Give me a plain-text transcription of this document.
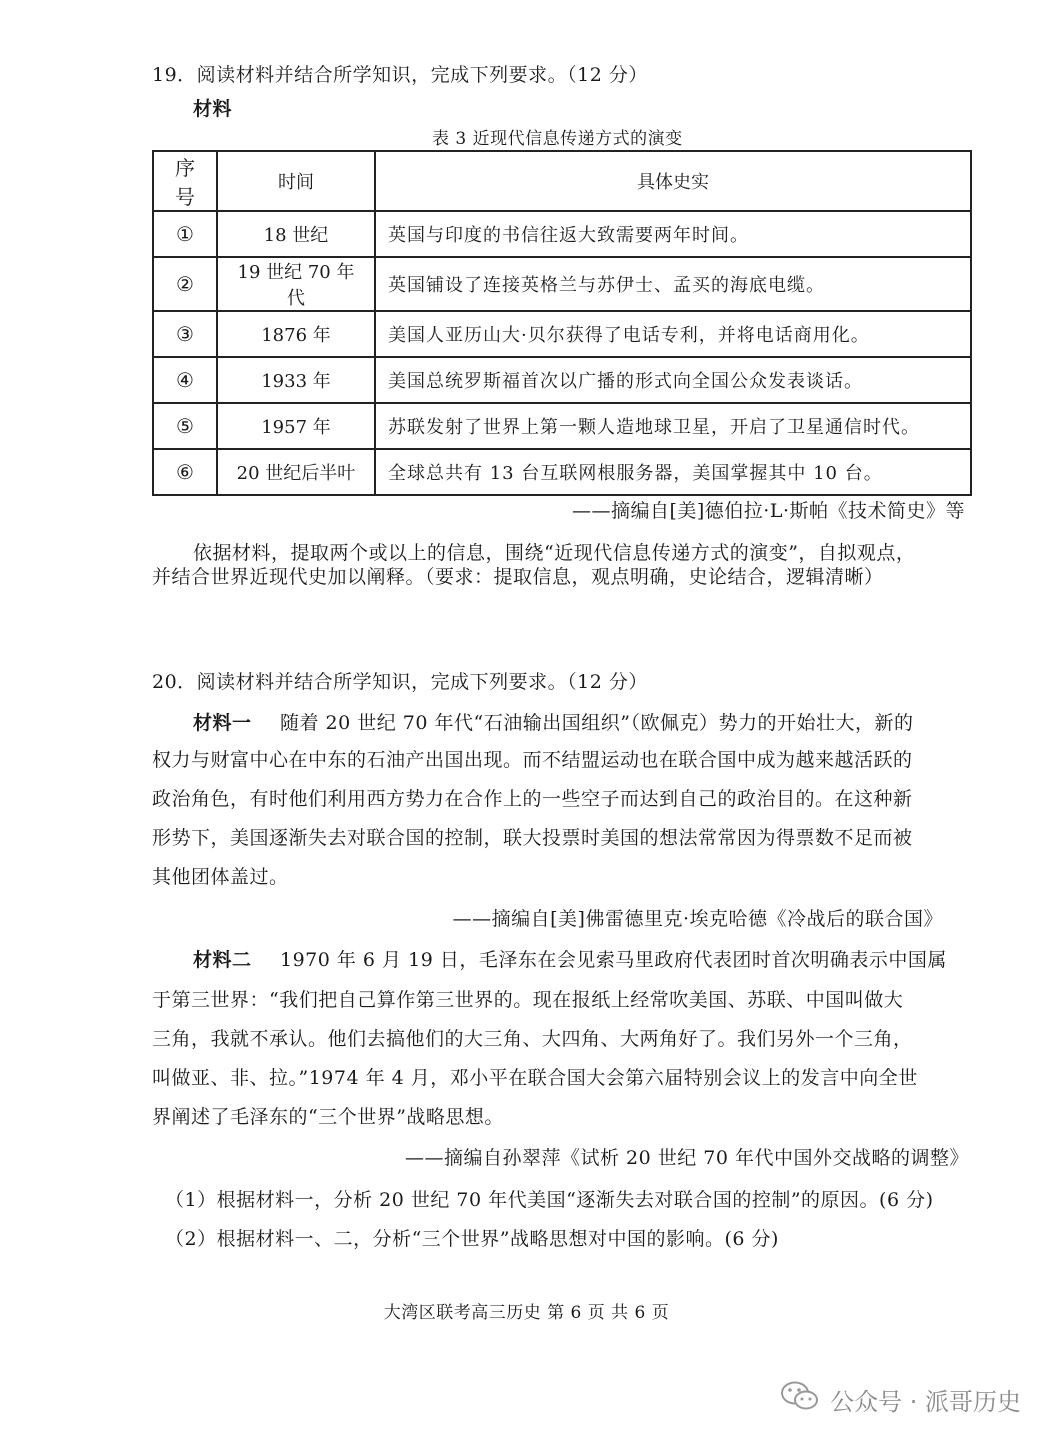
19．阅读材料并结合所学知识，完成下列要求。（12 分）
材料
表 3 近现代信息传递方式的演变
序号	时间	具体史实
①	18 世纪	英国与印度的书信往返大致需要两年时间。
②	19 世纪 70 年代	英国铺设了连接英格兰与苏伊士、孟买的海底电缆。
③	1876 年	美国人亚历山大·贝尔获得了电话专利，并将电话商用化。
④	1933 年	美国总统罗斯福首次以广播的形式向全国公众发表谈话。
⑤	1957 年	苏联发射了世界上第一颗人造地球卫星，开启了卫星通信时代。
⑥	20 世纪后半叶	全球总共有 13 台互联网根服务器，美国掌握其中 10 台。
——摘编自[美]德伯拉·L·斯帕《技术简史》等
依据材料，提取两个或以上的信息，围绕“近现代信息传递方式的演变”，自拟观点，
并结合世界近现代史加以阐释。（要求：提取信息，观点明确，史论结合，逻辑清晰）
20．阅读材料并结合所学知识，完成下列要求。（12 分）
材料一 随着 20 世纪 70 年代“石油输出国组织”（欧佩克）势力的开始壮大，新的
权力与财富中心在中东的石油产出国出现。而不结盟运动也在联合国中成为越来越活跃的
政治角色，有时他们利用西方势力在合作上的一些空子而达到自己的政治目的。在这种新
形势下，美国逐渐失去对联合国的控制，联大投票时美国的想法常常因为得票数不足而被
其他团体盖过。
——摘编自[美]佛雷德里克·埃克哈德《冷战后的联合国》
材料二 1970 年 6 月 19 日，毛泽东在会见索马里政府代表团时首次明确表示中国属
于第三世界：“我们把自己算作第三世界的。现在报纸上经常吹美国、苏联、中国叫做大
三角，我就不承认。他们去搞他们的大三角、大四角、大两角好了。我们另外一个三角，
叫做亚、非、拉。”1974 年 4 月，邓小平在联合国大会第六届特别会议上的发言中向全世
界阐述了毛泽东的“三个世界”战略思想。
——摘编自孙翠萍《试析 20 世纪 70 年代中国外交战略的调整》
（1）根据材料一，分析 20 世纪 70 年代美国“逐渐失去对联合国的控制”的原因。(6 分)
（2）根据材料一、二，分析“三个世界”战略思想对中国的影响。(6 分)
大湾区联考高三历史 第 6 页 共 6 页
公众号 · 派哥历史
